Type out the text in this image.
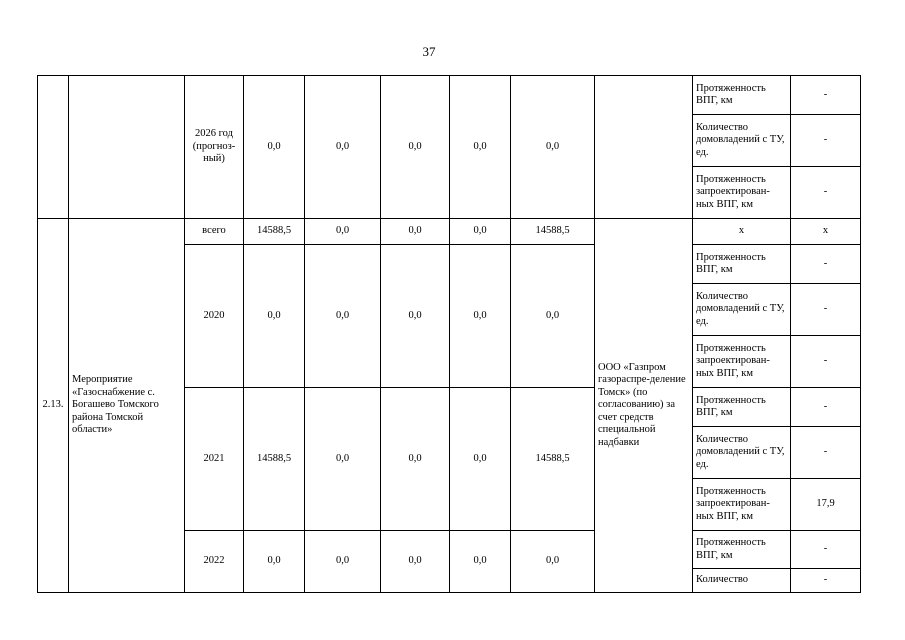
37
		2026 год (прогноз-ный)	0,0	0,0	0,0	0,0	0,0		Протяженность ВПГ, км	-
									Количество домовладений с ТУ, ед.	-
									Протяженность запроектирован-ных ВПГ, км	-
2.13.	Мероприятие «Газоснабжение с. Богашево Томского района Томской области»	всего	14588,5	0,0	0,0	0,0	14588,5	ООО «Газпром газораспре-деление Томск» (по согласованию) за счет средств специальной надбавки	х	х
		2020	0,0	0,0	0,0	0,0	0,0		Протяженность ВПГ, км	-
									Количество домовладений с ТУ, ед.	-
									Протяженность запроектирован-ных ВПГ, км	-
		2021	14588,5	0,0	0,0	0,0	14588,5		Протяженность ВПГ, км	-
									Количество домовладений с ТУ, ед.	-
									Протяженность запроектирован-ных ВПГ, км	17,9
		2022	0,0	0,0	0,0	0,0	0,0		Протяженность ВПГ, км	-
									Количество	-
